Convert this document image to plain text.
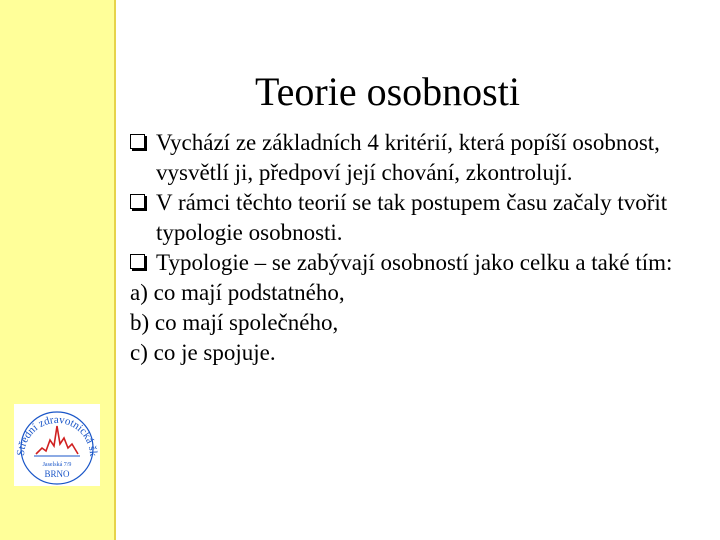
Střední zdravotnická šk
Jaselská 7/9
BRNO
Teorie osobnosti
Vychází ze základních 4 kritérií, která popíší osobnost, vysvětlí ji, předpoví její chování, zkontrolují.
V rámci těchto teorií se tak postupem času začaly tvořit typologie osobnosti.
Typologie – se zabývají osobností jako celku a také tím:
a) co mají podstatného,
b) co mají společného,
c) co je spojuje.
